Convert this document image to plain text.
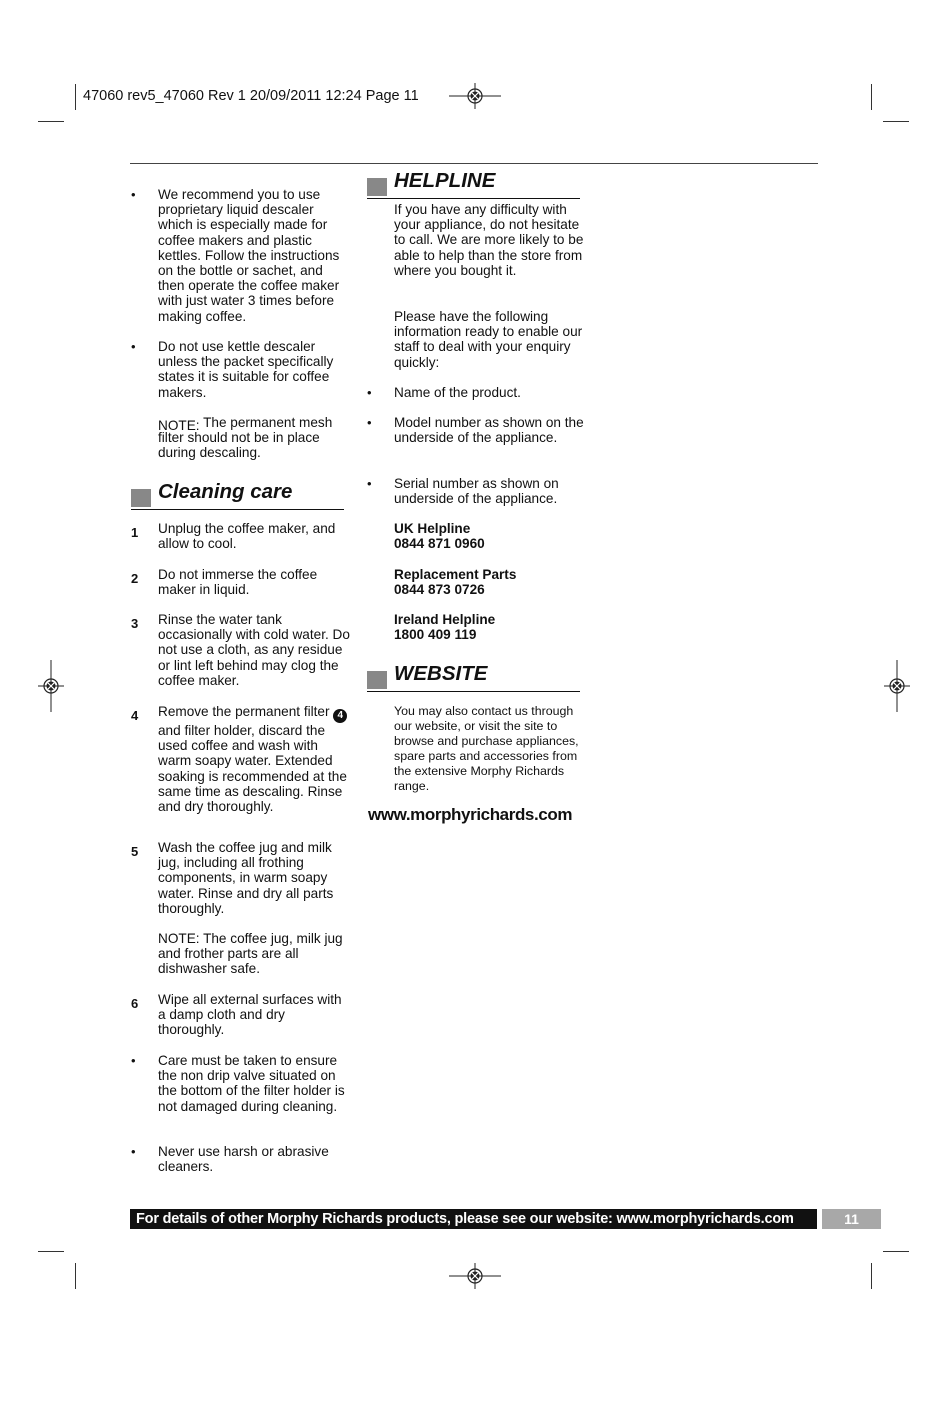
47060 rev5_47060 Rev 1 20/09/2011 12:24 Page 11
• We recommend you to use proprietary liquid descaler which is especially made for coffee makers and plastic kettles. Follow the instructions on the bottle or sachet, and then operate the coffee maker with just water 3 times before making coffee.
• Do not use kettle descaler unless the packet specifically states it is suitable for coffee makers.
NOTE: The permanent mesh filter should not be in place during descaling.
Cleaning care
1 Unplug the coffee maker, and allow to cool.
2 Do not immerse the coffee maker in liquid.
3 Rinse the water tank occasionally with cold water. Do not use a cloth, as any residue or lint left behind may clog the coffee maker.
4 Remove the permanent filter 4 and filter holder, discard the used coffee and wash with warm soapy water. Extended soaking is recommended at the same time as descaling. Rinse and dry thoroughly.
5 Wash the coffee jug and milk jug, including all frothing components, in warm soapy water. Rinse and dry all parts thoroughly.
NOTE: The coffee jug, milk jug and frother parts are all dishwasher safe.
6 Wipe all external surfaces with a damp cloth and dry thoroughly.
• Care must be taken to ensure the non drip valve situated on the bottom of the filter holder is not damaged during cleaning.
• Never use harsh or abrasive cleaners.
HELPLINE
If you have any difficulty with your appliance, do not hesitate to call. We are more likely to be able to help than the store from where you bought it.
Please have the following information ready to enable our staff to deal with your enquiry quickly:
• Name of the product.
• Model number as shown on the underside of the appliance.
• Serial number as shown on underside of the appliance.
UK Helpline
0844 871 0960
Replacement Parts
0844 873 0726
Ireland Helpline
1800 409 119
WEBSITE
You may also contact us through our website, or visit the site to browse and purchase appliances, spare parts and accessories from the extensive Morphy Richards range.
www.morphyrichards.com
For details of other Morphy Richards products, please see our website: www.morphyrichards.com	11
